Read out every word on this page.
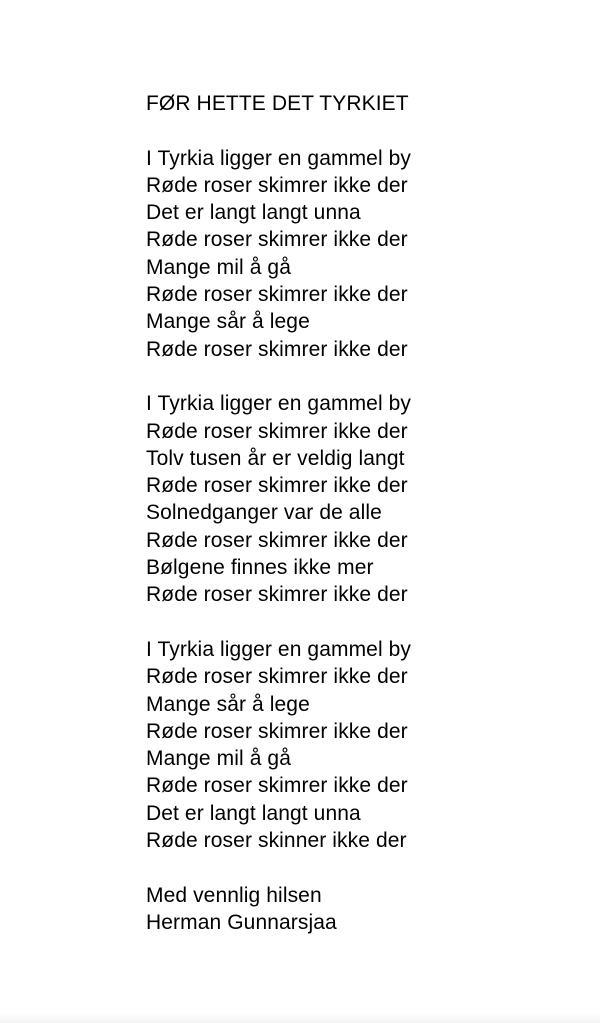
FØR HETTE DET TYRKIET
I Tyrkia ligger en gammel by
Røde roser skimrer ikke der
Det er langt langt unna
Røde roser skimrer ikke der
Mange mil å gå
Røde roser skimrer ikke der
Mange sår å lege
Røde roser skimrer ikke der
I Tyrkia ligger en gammel by
Røde roser skimrer ikke der
Tolv tusen år er veldig langt
Røde roser skimrer ikke der
Solnedganger var de alle
Røde roser skimrer ikke der
Bølgene finnes ikke mer
Røde roser skimrer ikke der
I Tyrkia ligger en gammel by
Røde roser skimrer ikke der
Mange sår å lege
Røde roser skimrer ikke der
Mange mil å gå
Røde roser skimrer ikke der
Det er langt langt unna
Røde roser skinner ikke der
Med vennlig hilsen
Herman Gunnarsjaa
